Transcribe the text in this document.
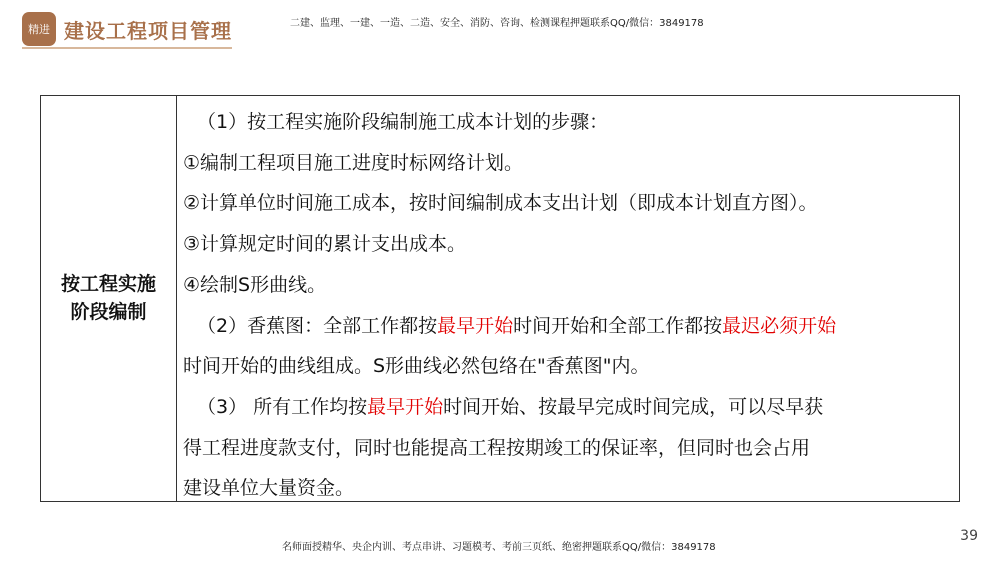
精进 建设工程项目管理	二建、监理、一建、一造、二造、安全、消防、咨询、检测课程押题联系QQ/微信：3849178
按工程实施
阶段编制
（1）按工程实施阶段编制施工成本计划的步骤：
①编制工程项目施工进度时标网络计划。
②计算单位时间施工成本，按时间编制成本支出计划（即成本计划直方图）。
③计算规定时间的累计支出成本。
④绘制S形曲线。
（2）香蕉图：全部工作都按最早开始时间开始和全部工作都按最迟必须开始
时间开始的曲线组成。S形曲线必然包络在"香蕉图"内。
（3） 所有工作均按最早开始时间开始、按最早完成时间完成，可以尽早获
得工程进度款支付，同时也能提高工程按期竣工的保证率，但同时也会占用
建设单位大量资金。
名师面授精华、央企内训、考点串讲、习题模考、考前三页纸、绝密押题联系QQ/微信：3849178
39
